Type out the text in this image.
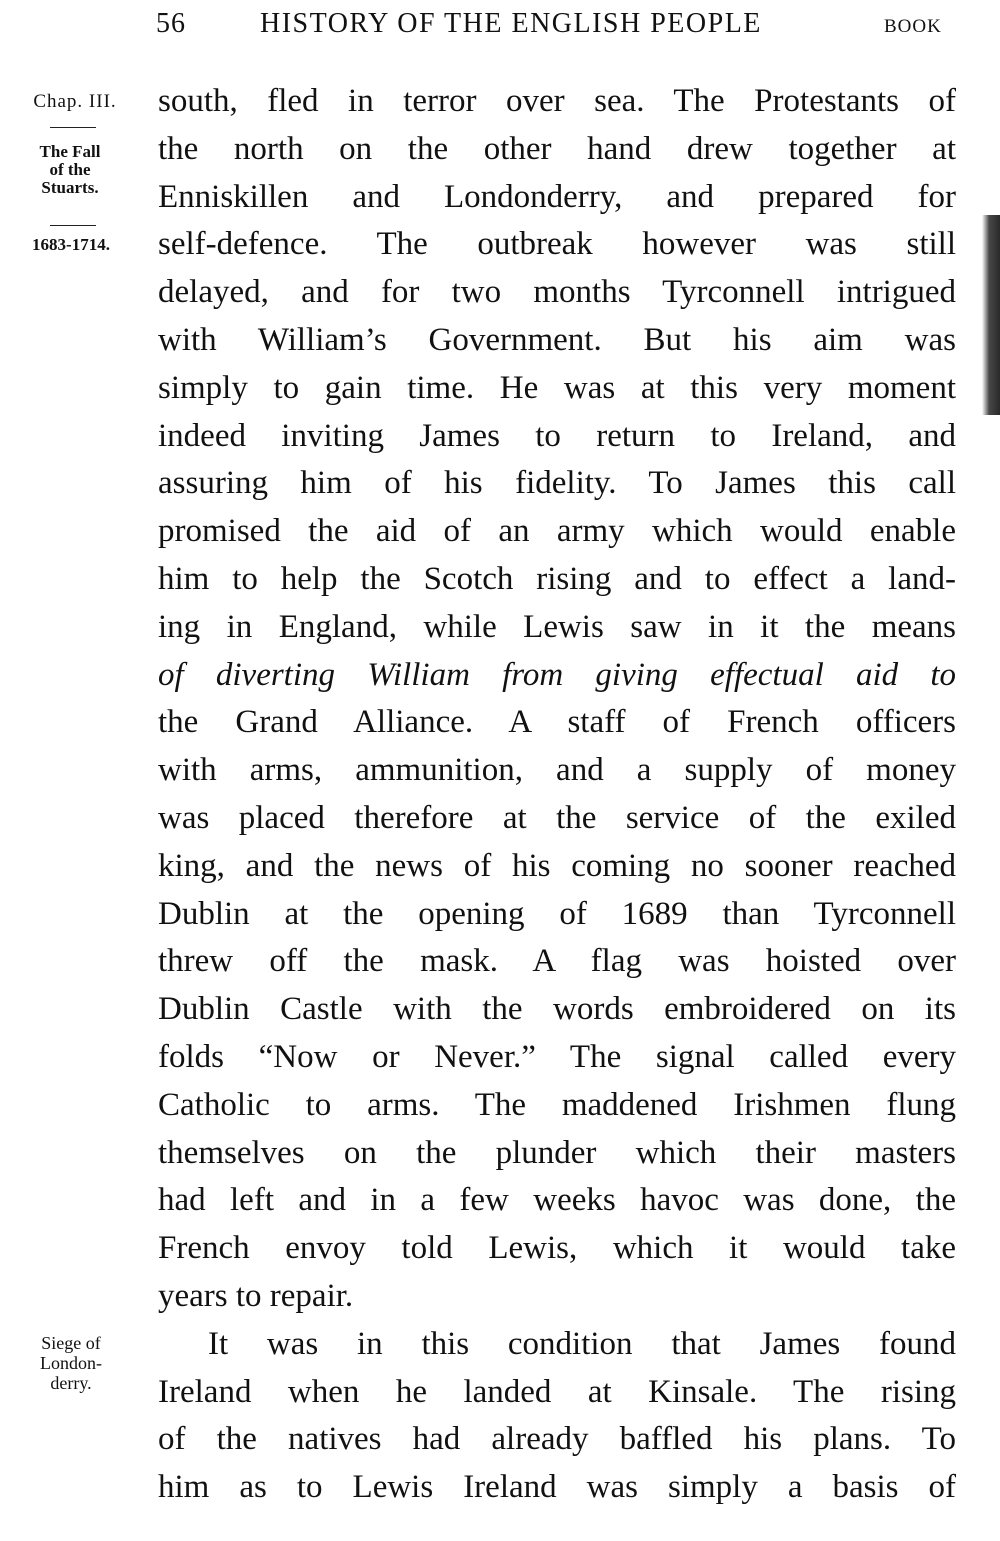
56	HISTORY OF THE ENGLISH PEOPLE	BOOK
Chap. III.
The Fall
of the
Stuarts.
1683-1714.
Siege of
London-
derry.
south, fled in terror over sea. The Protestants of
the north on the other hand drew together at
Enniskillen and Londonderry, and prepared for
self-defence. The outbreak however was still
delayed, and for two months Tyrconnell intrigued
with William’s Government. But his aim was
simply to gain time. He was at this very moment
indeed inviting James to return to Ireland, and
assuring him of his fidelity. To James this call
promised the aid of an army which would enable
him to help the Scotch rising and to effect a land-
ing in England, while Lewis saw in it the means
of diverting William from giving effectual aid to
the Grand Alliance. A staff of French officers
with arms, ammunition, and a supply of money
was placed therefore at the service of the exiled
king, and the news of his coming no sooner reached
Dublin at the opening of 1689 than Tyrconnell
threw off the mask. A flag was hoisted over
Dublin Castle with the words embroidered on its
folds “Now or Never.” The signal called every
Catholic to arms. The maddened Irishmen flung
themselves on the plunder which their masters
had left and in a few weeks havoc was done, the
French envoy told Lewis, which it would take
years to repair.
It was in this condition that James found
Ireland when he landed at Kinsale. The rising
of the natives had already baffled his plans. To
him as to Lewis Ireland was simply a basis of
